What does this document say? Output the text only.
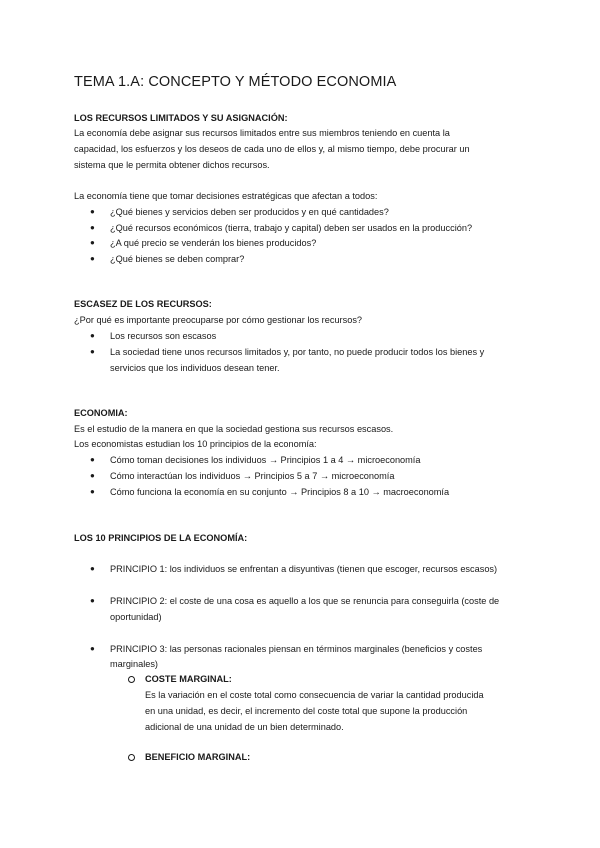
TEMA 1.A: CONCEPTO Y MÉTODO ECONOMIA
LOS RECURSOS LIMITADOS Y SU ASIGNACIÓN:
La economía debe asignar sus recursos limitados entre sus miembros teniendo en cuenta la
capacidad, los esfuerzos y los deseos de cada uno de ellos y, al mismo tiempo, debe procurar un
sistema que le permita obtener dichos recursos.
La economía tiene que tomar decisiones estratégicas que afectan a todos:
● ¿Qué bienes y servicios deben ser producidos y en qué cantidades?
● ¿Qué recursos económicos (tierra, trabajo y capital) deben ser usados en la producción?
● ¿A qué precio se venderán los bienes producidos?
● ¿Qué bienes se deben comprar?
ESCASEZ DE LOS RECURSOS:
¿Por qué es importante preocuparse por cómo gestionar los recursos?
● Los recursos son escasos
● La sociedad tiene unos recursos limitados y, por tanto, no puede producir todos los bienes y
servicios que los individuos desean tener.
ECONOMIA:
Es el estudio de la manera en que la sociedad gestiona sus recursos escasos.
Los economistas estudian los 10 principios de la economía:
● Cómo toman decisiones los individuos → Principios 1 a 4 → microeconomía
● Cómo interactúan los individuos → Principios 5 a 7 → microeconomía
● Cómo funciona la economía en su conjunto → Principios 8 a 10 → macroeconomía
LOS 10 PRINCIPIOS DE LA ECONOMÍA:
● PRINCIPIO 1: los individuos se enfrentan a disyuntivas (tienen que escoger, recursos escasos)
● PRINCIPIO 2: el coste de una cosa es aquello a los que se renuncia para conseguirla (coste de
oportunidad)
● PRINCIPIO 3: las personas racionales piensan en términos marginales (beneficios y costes
marginales)
COSTE MARGINAL:
Es la variación en el coste total como consecuencia de variar la cantidad producida
en una unidad, es decir, el incremento del coste total que supone la producción
adicional de una unidad de un bien determinado.
BENEFICIO MARGINAL:
